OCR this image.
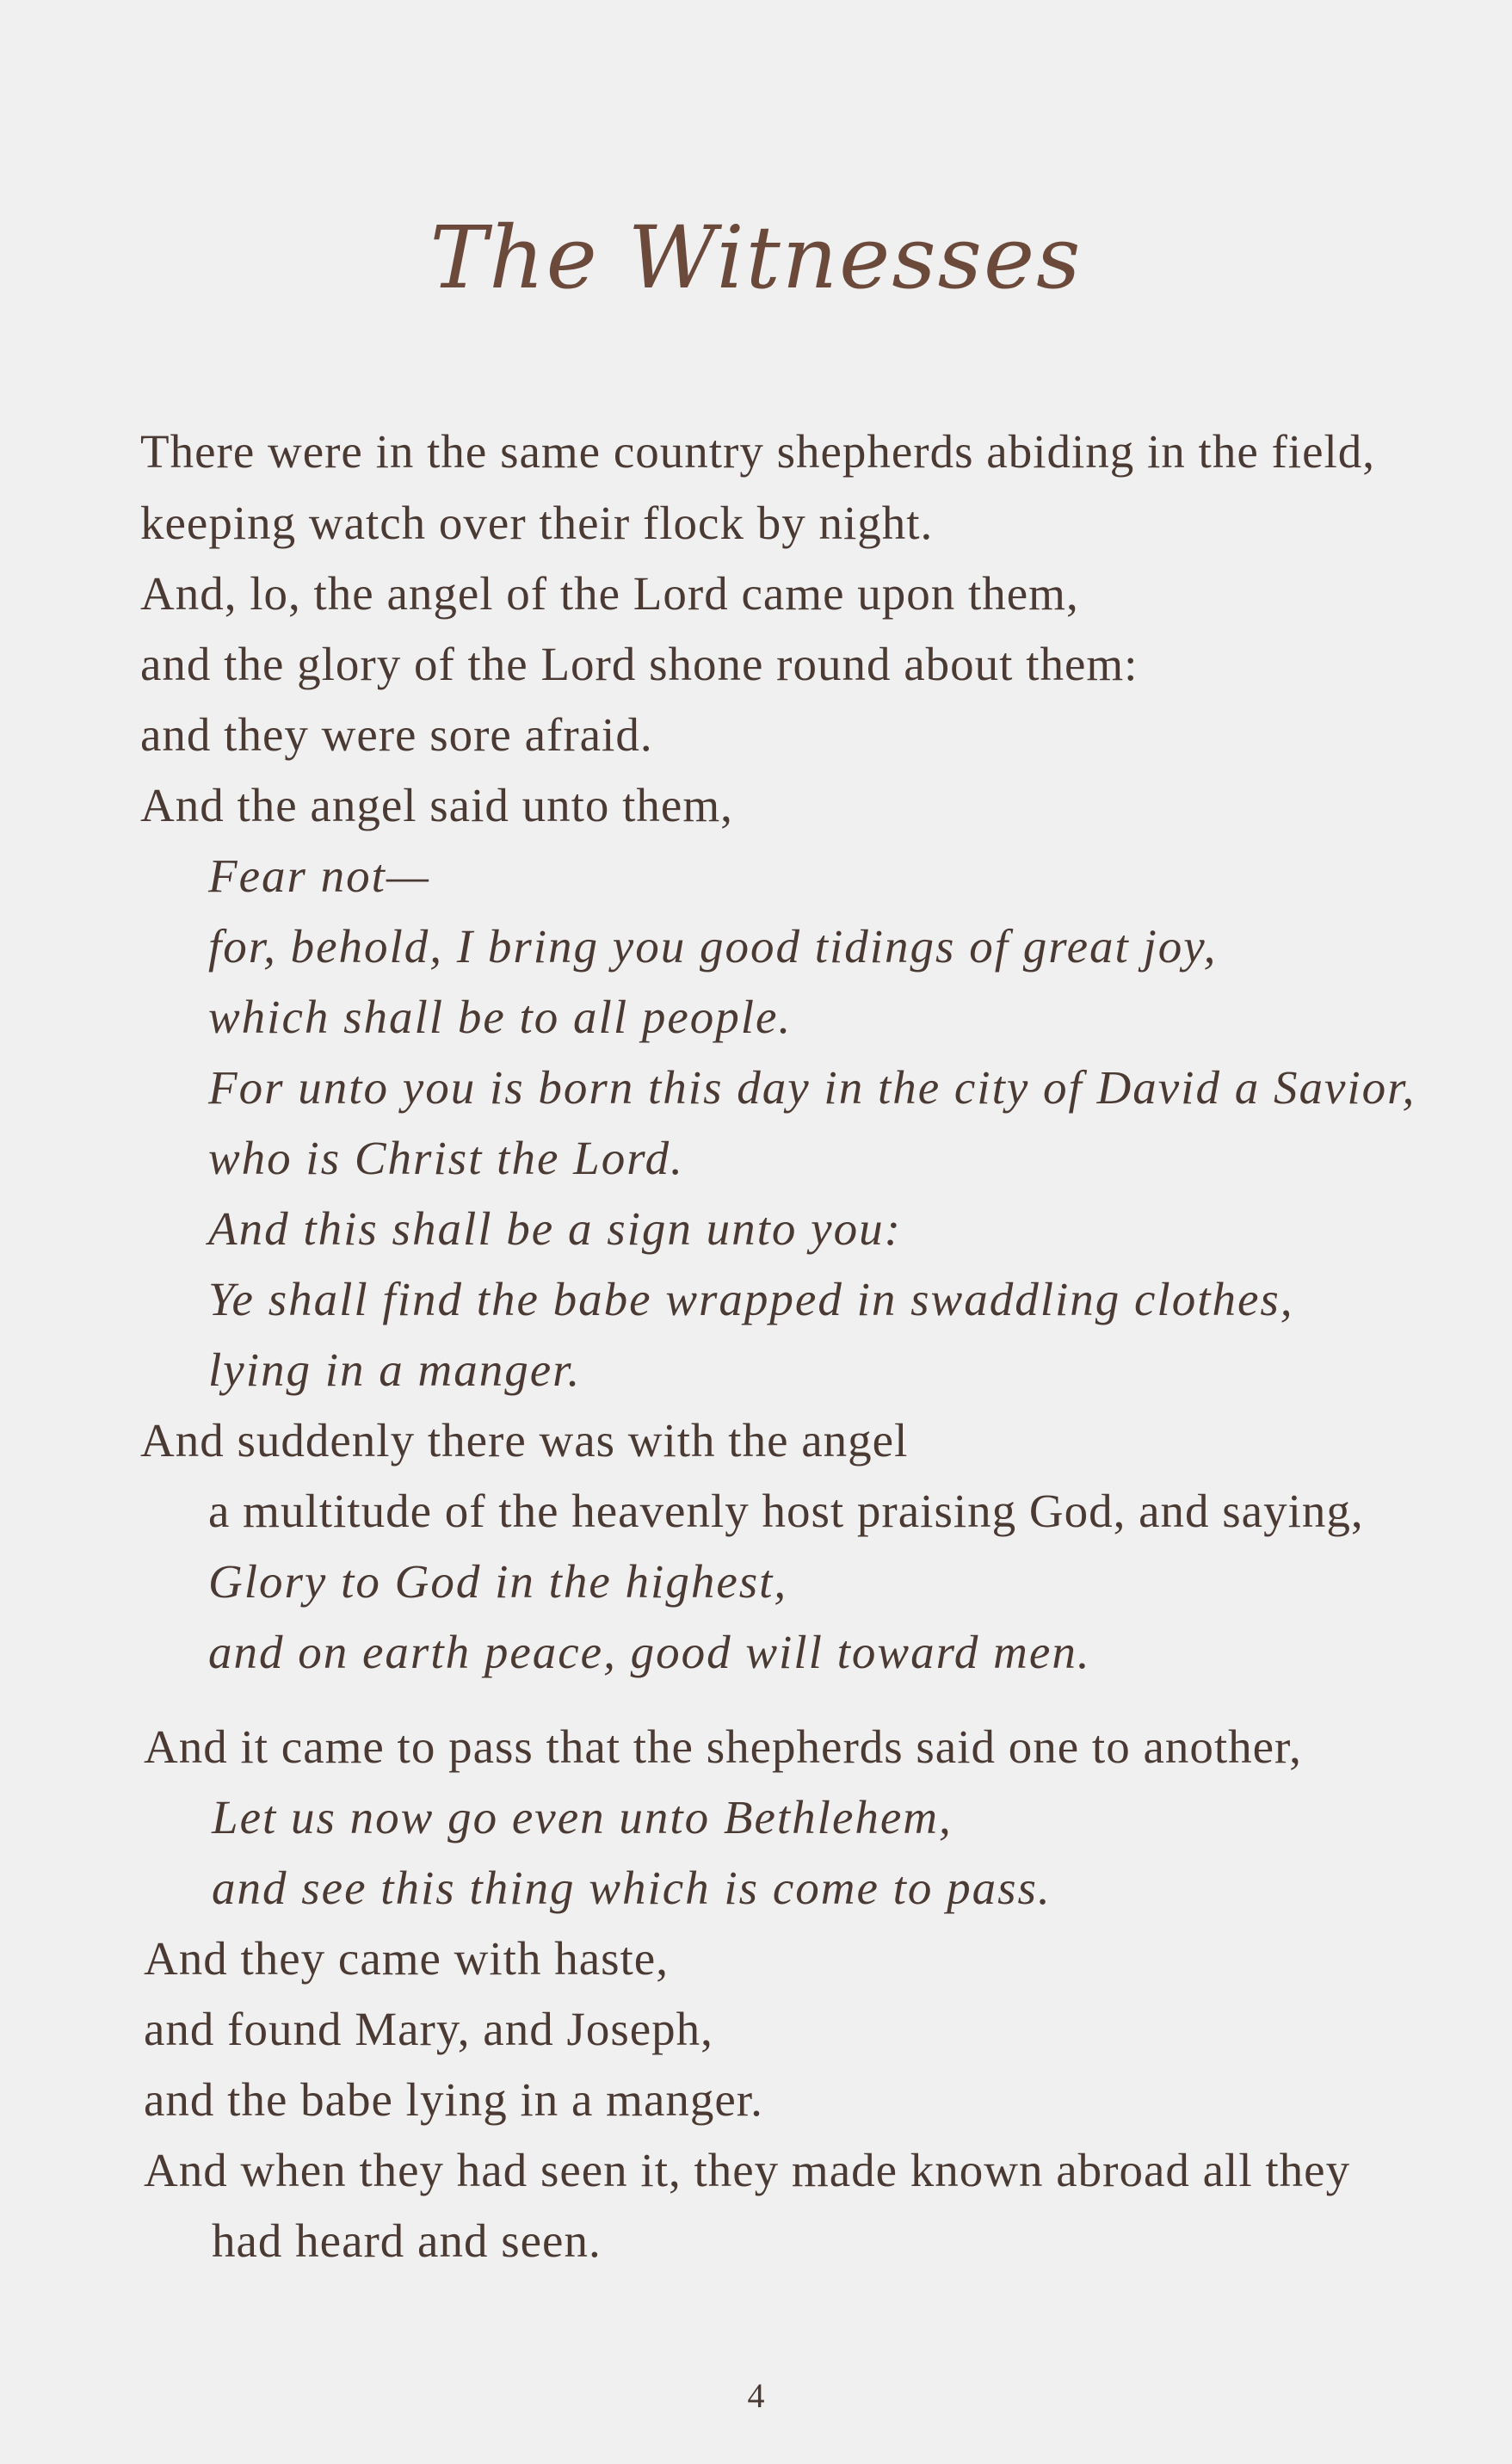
The Witnesses
There were in the same country shepherds abiding in the field,
keeping watch over their flock by night.
And, lo, the angel of the Lord came upon them,
and the glory of the Lord shone round about them:
and they were sore afraid.
And the angel said unto them,
Fear not—
for, behold, I bring you good tidings of great joy,
which shall be to all people.
For unto you is born this day in the city of David a Savior,
who is Christ the Lord.
And this shall be a sign unto you:
Ye shall find the babe wrapped in swaddling clothes,
lying in a manger.
And suddenly there was with the angel
a multitude of the heavenly host praising God, and saying,
Glory to God in the highest,
and on earth peace, good will toward men.
And it came to pass that the shepherds said one to another,
Let us now go even unto Bethlehem,
and see this thing which is come to pass.
And they came with haste,
and found Mary, and Joseph,
and the babe lying in a manger.
And when they had seen it, they made known abroad all they
had heard and seen.
4
